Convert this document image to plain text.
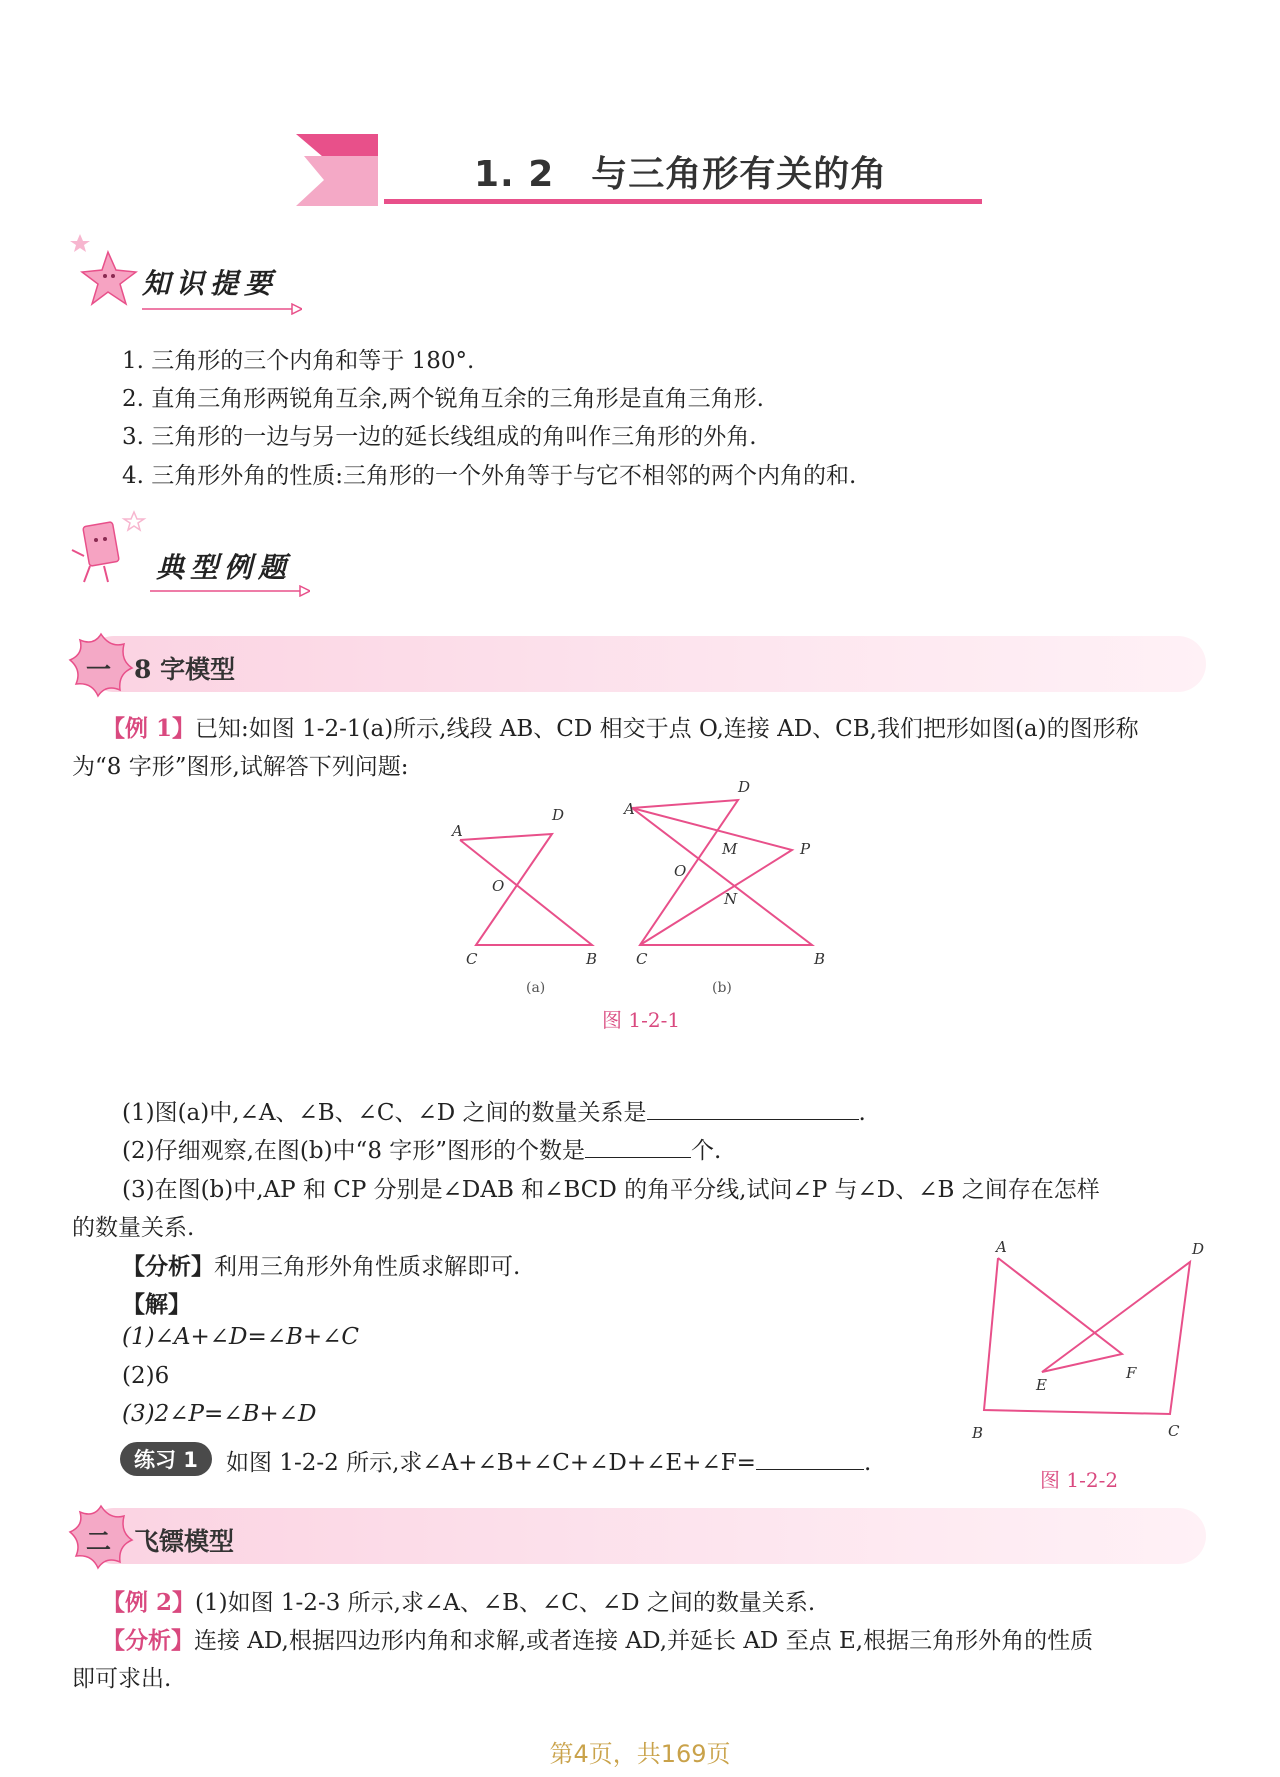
1. 2　与三角形有关的角
知识提要
1. 三角形的三个内角和等于 180°.
2. 直角三角形两锐角互余,两个锐角互余的三角形是直角三角形.
3. 三角形的一边与另一边的延长线组成的角叫作三角形的外角.
4. 三角形外角的性质:三角形的一个外角等于与它不相邻的两个内角的和.
典型例题
一 8 字模型
【例 1】已知:如图 1-2-1(a)所示,线段 AB、CD 相交于点 O,连接 AD、CB,我们把形如图(a)的图形称
为“8 字形”图形,试解答下列问题:
A
D
O
C	B
(a)
A
D
M	P
O
N
C	B
(b)
图 1-2-1
(1)图(a)中,∠A、∠B、∠C、∠D 之间的数量关系是	.
(2)仔细观察,在图(b)中“8 字形”图形的个数是	个.
(3)在图(b)中,AP 和 CP 分别是∠DAB 和∠BCD 的角平分线,试问∠P 与∠D、∠B 之间存在怎样
的数量关系.
【分析】利用三角形外角性质求解即可.
【解】
(1)∠A+∠D=∠B+∠C
(2)6
(3)2∠P=∠B+∠D
练习 1	如图 1-2-2 所示,求∠A+∠B+∠C+∠D+∠E+∠F=	.
A	D
F
E
B	C
图 1-2-2
二 飞镖模型
【例 2】(1)如图 1-2-3 所示,求∠A、∠B、∠C、∠D 之间的数量关系.
【分析】连接 AD,根据四边形内角和求解,或者连接 AD,并延长 AD 至点 E,根据三角形外角的性质
即可求出.
第4页，共169页
